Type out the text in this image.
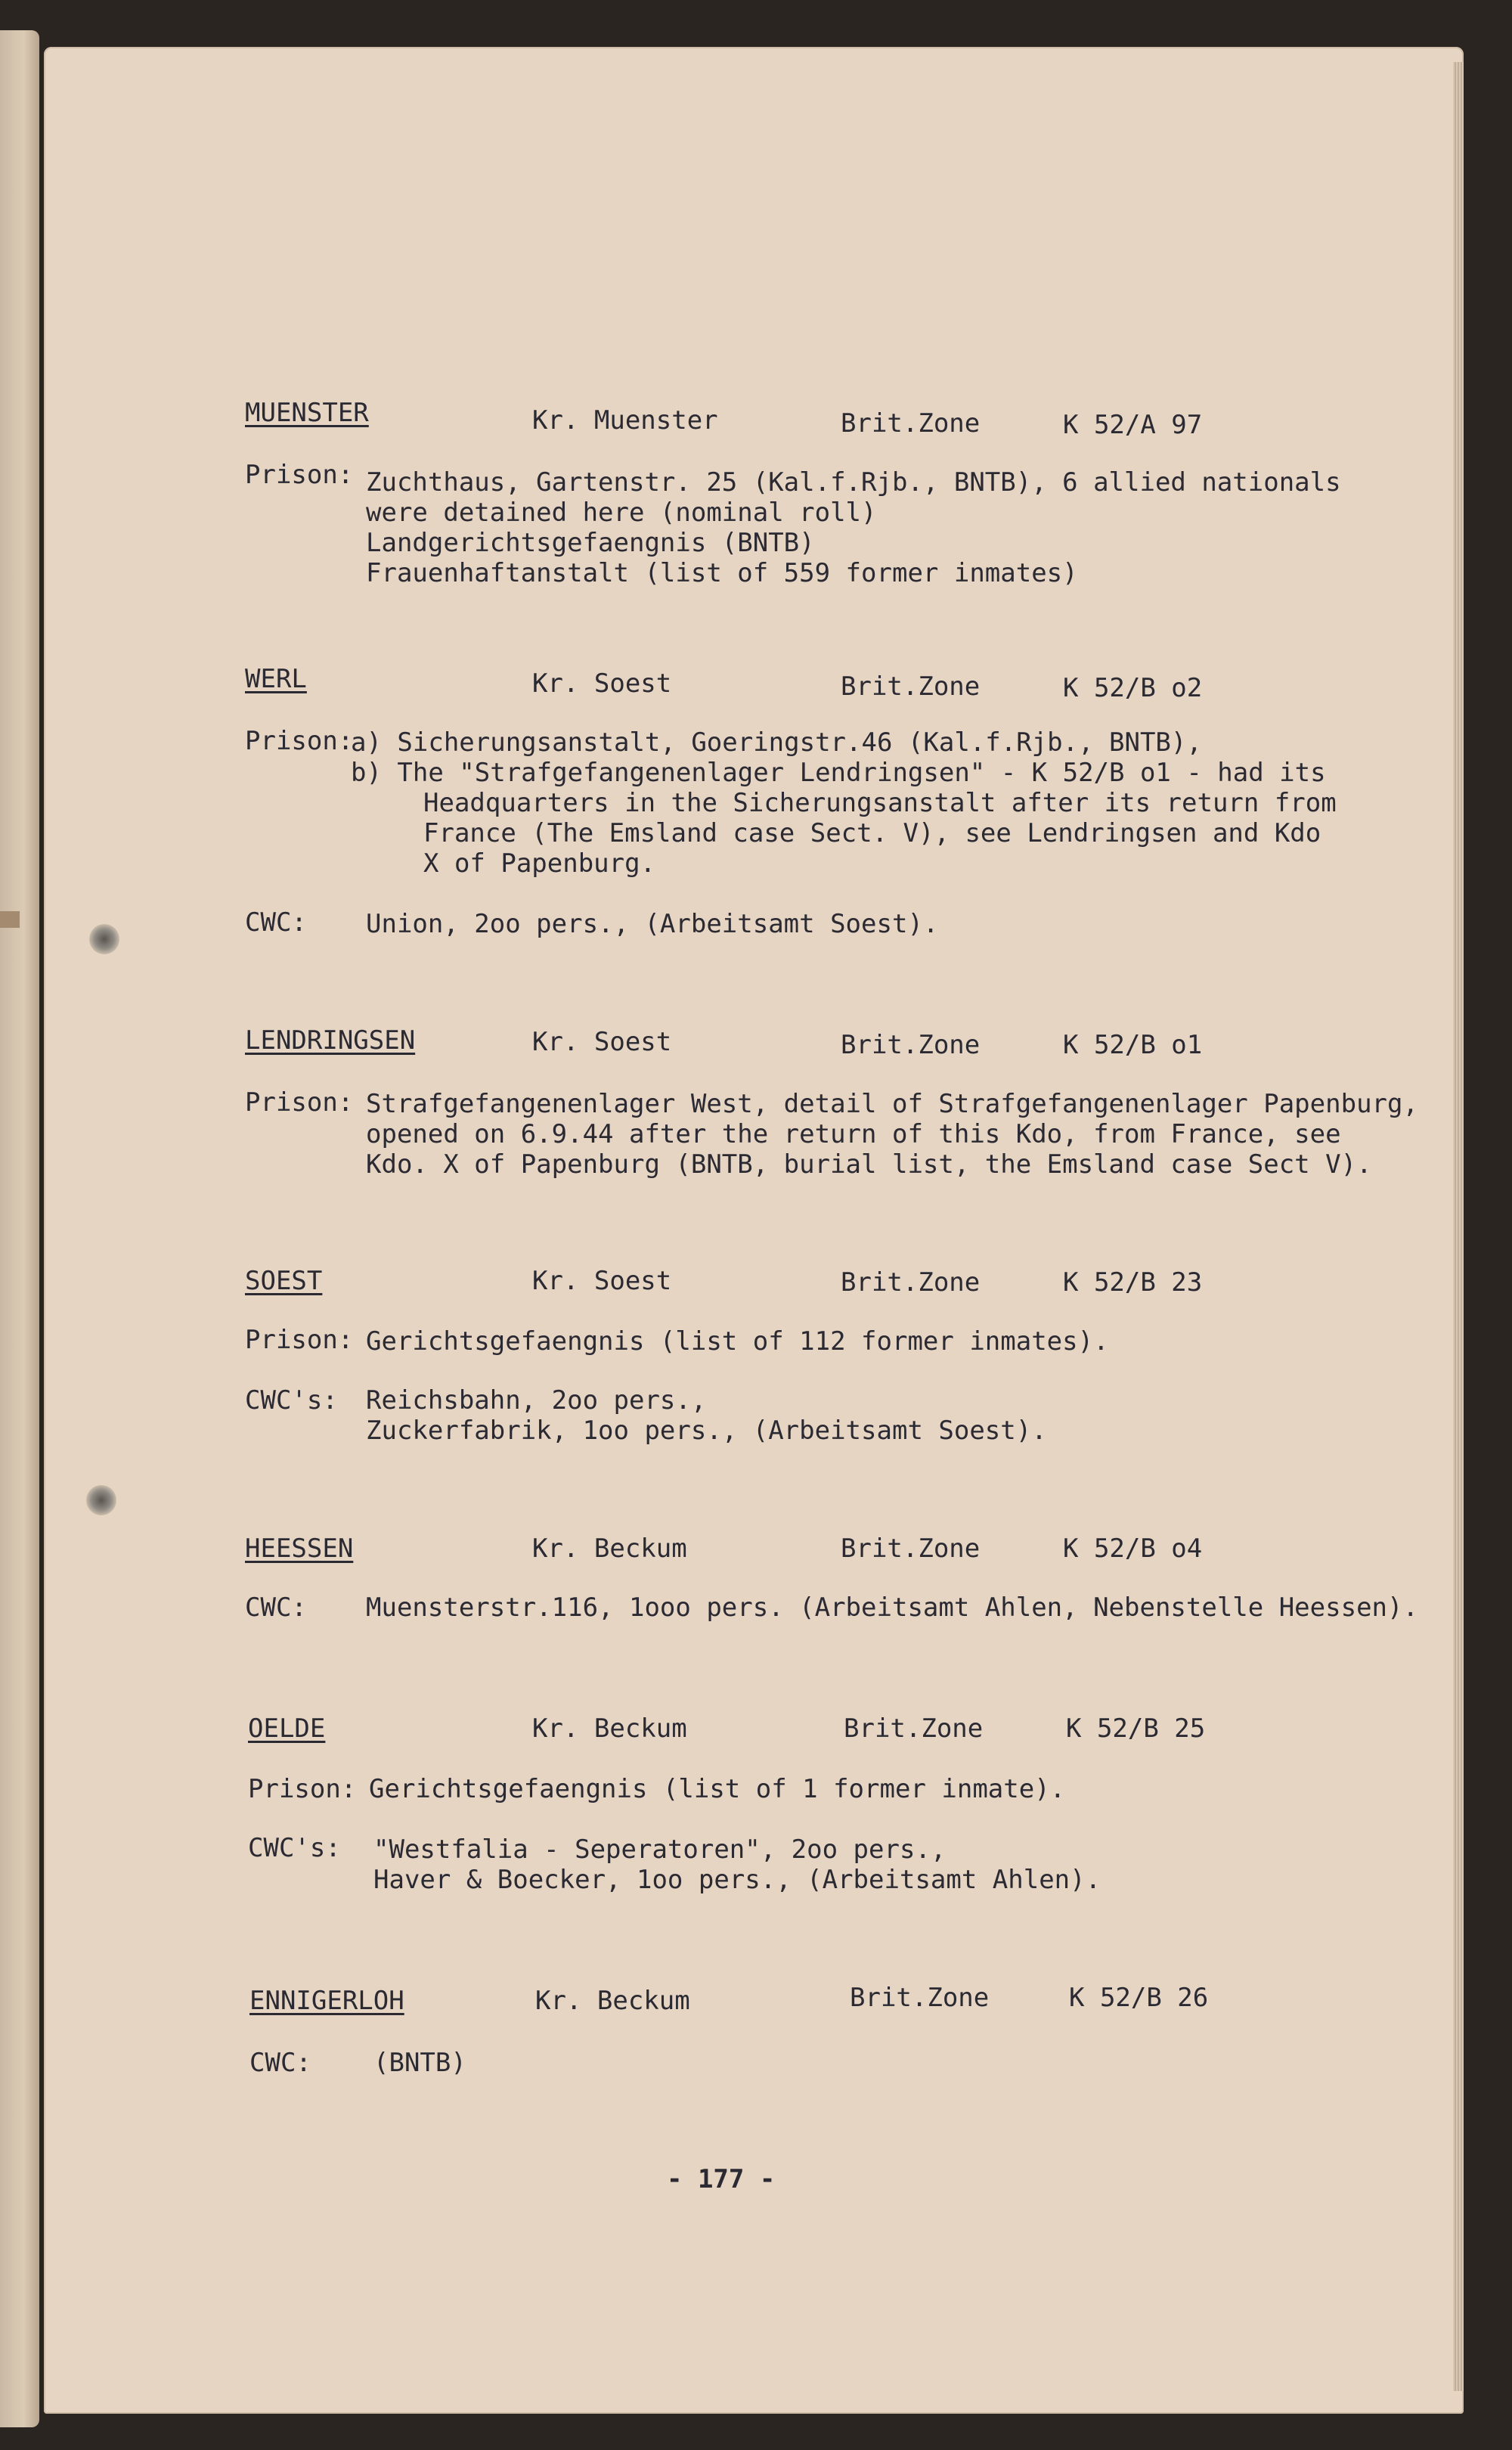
MUENSTER	Kr. Muenster	Brit.Zone	K 52/A 97

Prison: Zuchthaus, Gartenstr. 25 (Kal.f.Rjb., BNTB), 6 allied nationals

were detained here (nominal roll)

Landgerichtsgefaengnis (BNTB)

Frauenhaftanstalt (list of 559 former inmates)

WERL	Kr. Soest	Brit.Zone	K 52/B o2

Prison:

a) Sicherungsanstalt, Goeringstr.46 (Kal.f.Rjb., BNTB),

b) The "Strafgefangenenlager Lendringsen" - K 52/B o1 - had its

Headquarters in the Sicherungsanstalt after its return from

France (The Emsland case Sect. V), see Lendringsen and Kdo

X of Papenburg.

CWC: Union, 2oo pers., (Arbeitsamt Soest).

LENDRINGSEN	Kr. Soest	Brit.Zone	K 52/B o1

Prison: Strafgefangenenlager West, detail of Strafgefangenenlager Papenburg,

opened on 6.9.44 after the return of this Kdo, from France, see

Kdo. X of Papenburg (BNTB, burial list, the Emsland case Sect V).

SOEST	Kr. Soest	Brit.Zone	K 52/B 23

Prison: Gerichtsgefaengnis (list of 112 former inmates).

CWC's: Reichsbahn, 2oo pers.,

Zuckerfabrik, 1oo pers., (Arbeitsamt Soest).

HEESSEN	Kr. Beckum	Brit.Zone	K 52/B o4

CWC: Muensterstr.116, 1ooo pers. (Arbeitsamt Ahlen, Nebenstelle Heessen).

OELDE	Kr. Beckum	Brit.Zone	K 52/B 25

Prison: Gerichtsgefaengnis (list of 1 former inmate).

CWC's: "Westfalia - Seperatoren", 2oo pers.,

Haver & Boecker, 1oo pers., (Arbeitsamt Ahlen).

ENNIGERLOH	Kr. Beckum	Brit.Zone	K 52/B 26

CWC: (BNTB)

- 177 -
